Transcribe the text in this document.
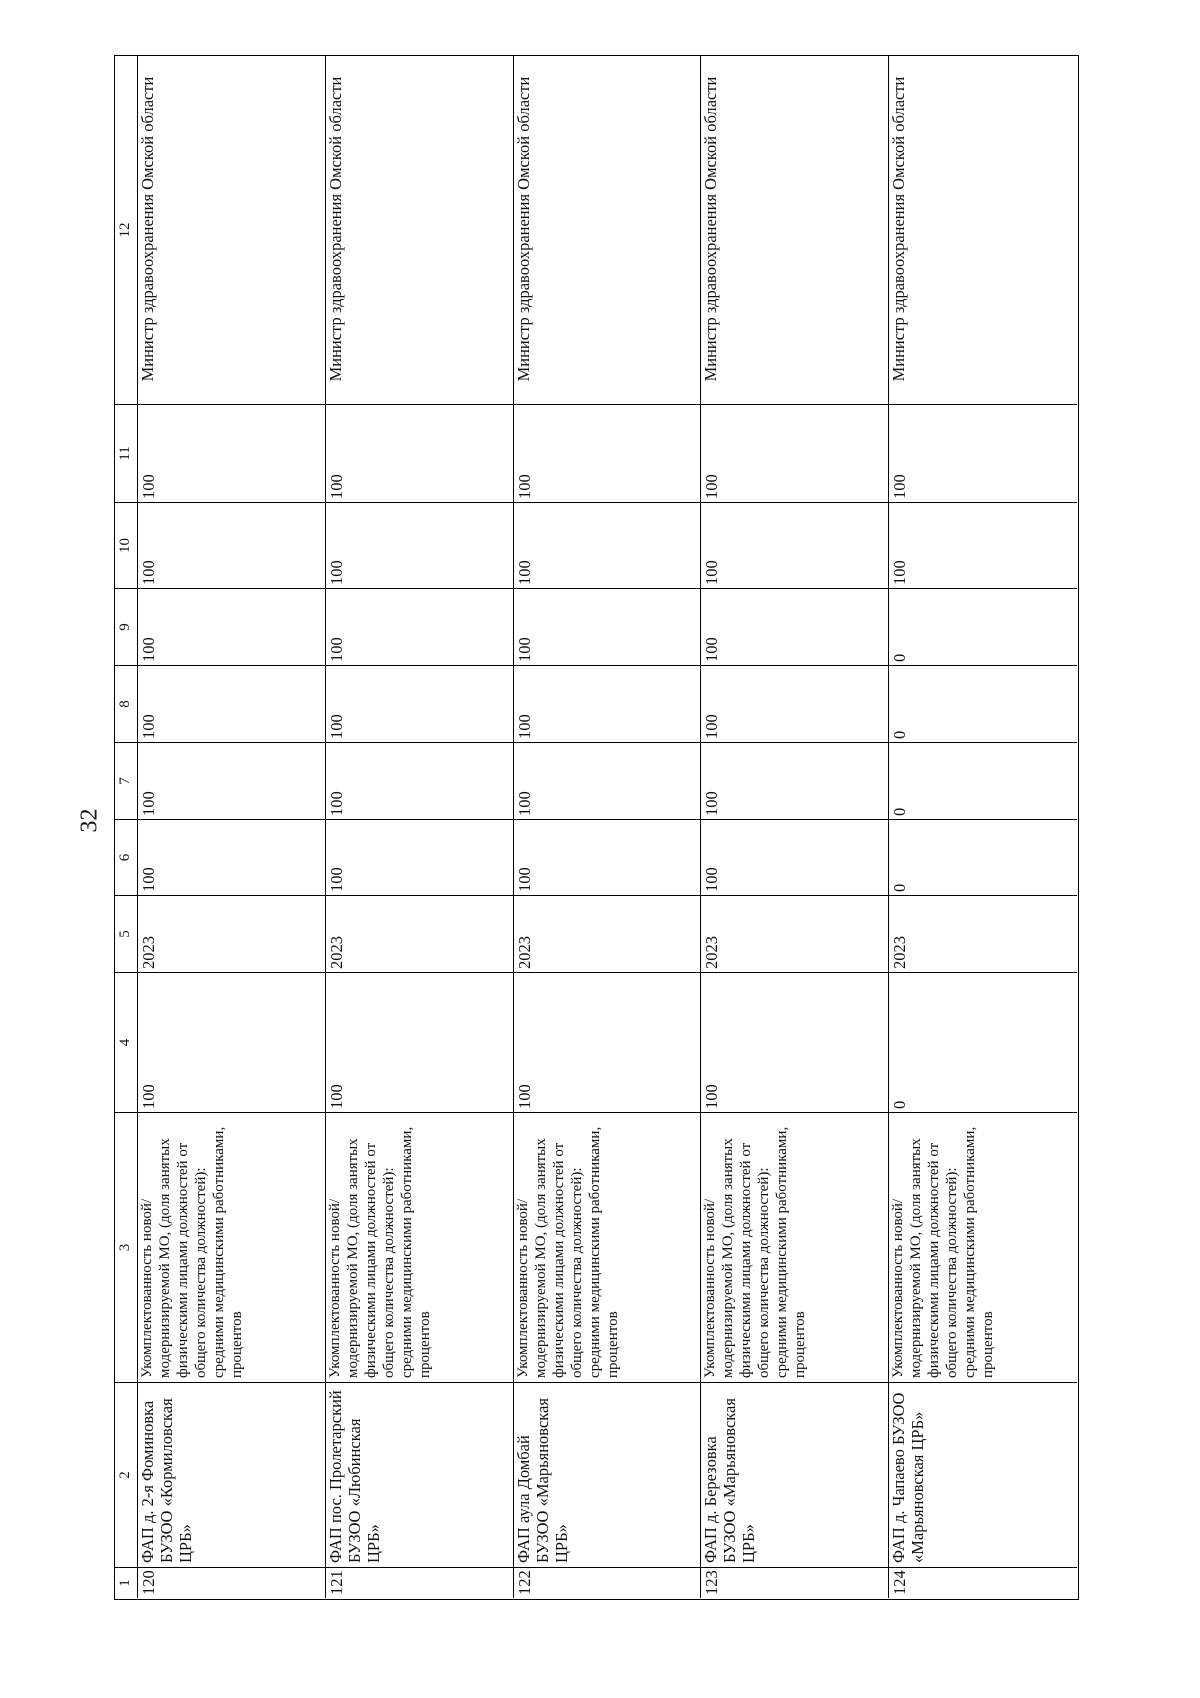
32
1
2
3
4
5
6
7
8
9
10
11
12
120
ФАП д. 2-я Фоминовка БУЗОО «Кормиловская ЦРБ»
Укомплектованность новой/модернизируемой МО, (доля занятых физическими лицами должностей от общего количества должностей): средними медицинскими работниками, процентов
100
2023
100
100
100
100
100
100
Министр здравоохранения Омской области
121
ФАП пос. Пролетарский БУЗОО «Любинская ЦРБ»
Укомплектованность новой/модернизируемой МО, (доля занятых физическими лицами должностей от общего количества должностей): средними медицинскими работниками, процентов
100
2023
100
100
100
100
100
100
Министр здравоохранения Омской области
122
ФАП аула Домбай БУЗОО «Марьяновская ЦРБ»
Укомплектованность новой/модернизируемой МО, (доля занятых физическими лицами должностей от общего количества должностей): средними медицинскими работниками, процентов
100
2023
100
100
100
100
100
100
Министр здравоохранения Омской области
123
ФАП д. Березовка БУЗОО «Марьяновская ЦРБ»
Укомплектованность новой/модернизируемой МО, (доля занятых физическими лицами должностей от общего количества должностей): средними медицинскими работниками, процентов
100
2023
100
100
100
100
100
100
Министр здравоохранения Омской области
124
ФАП д. Чапаево БУЗОО «Марьяновская ЦРБ»
Укомплектованность новой/модернизируемой МО, (доля занятых физическими лицами должностей от общего количества должностей): средними медицинскими работниками, процентов
0
2023
0
0
0
0
100
100
Министр здравоохранения Омской области
